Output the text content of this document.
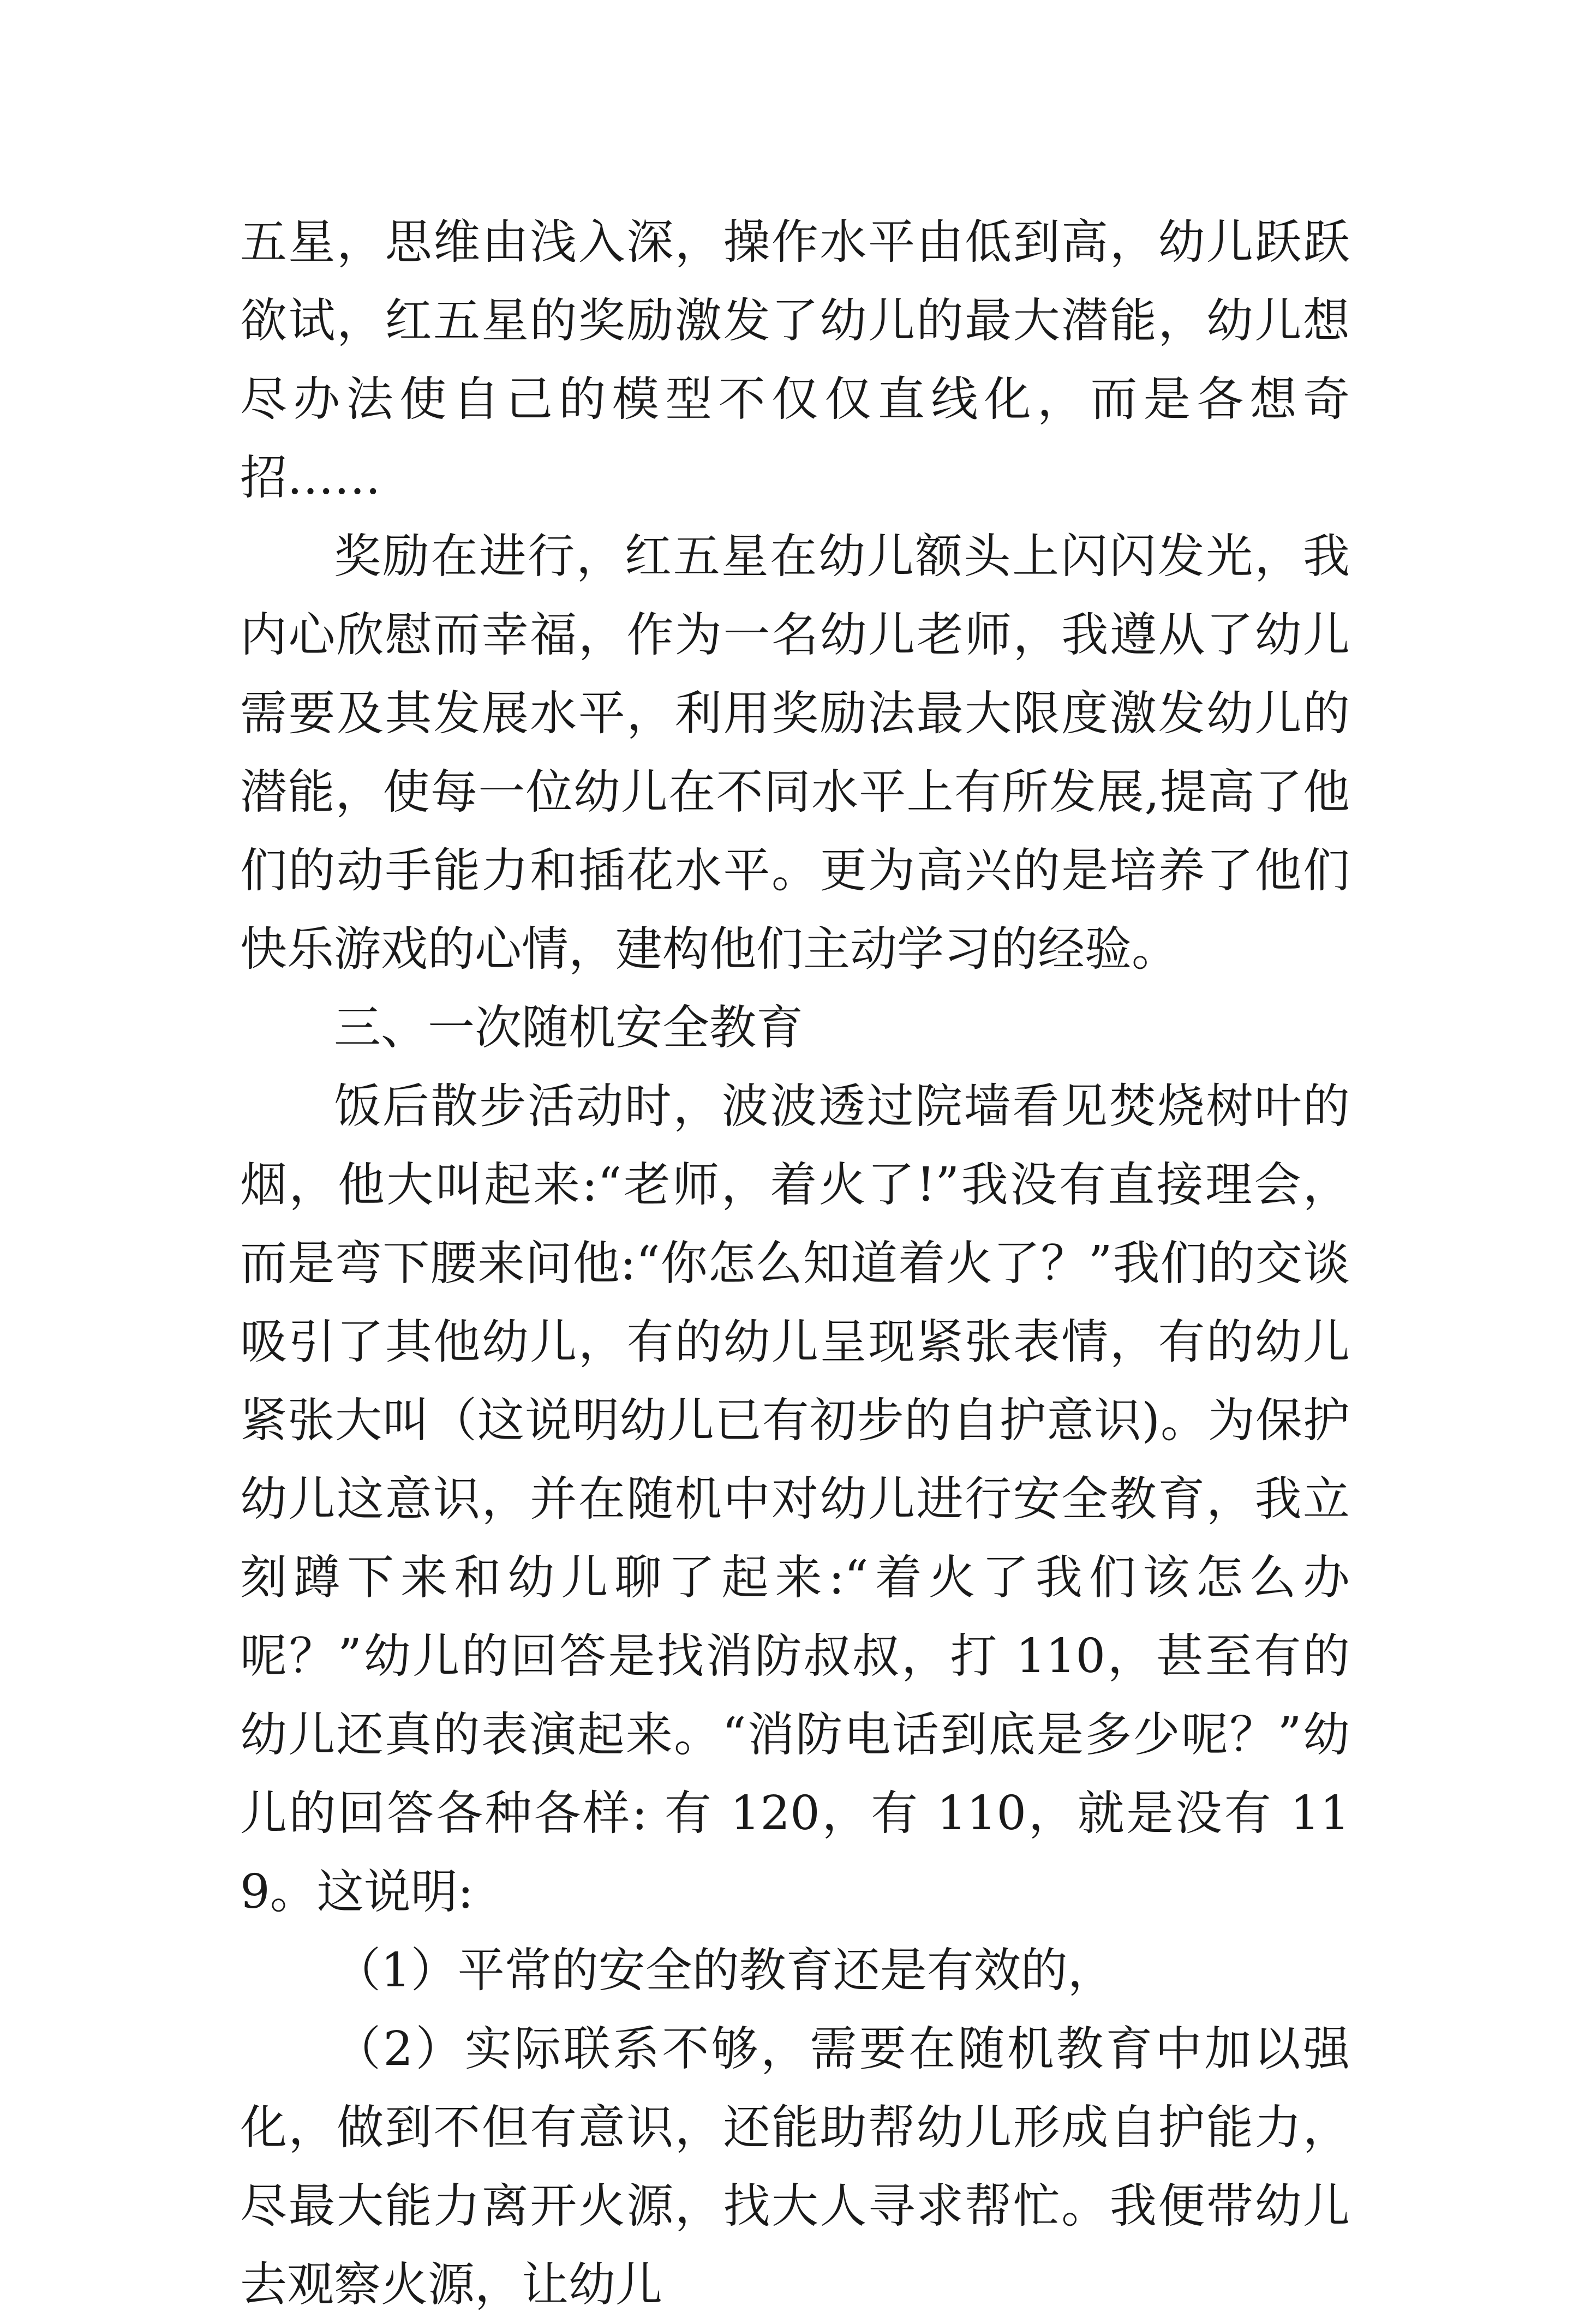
五星，思维由浅入深，操作水平由低到高，幼儿跃跃欲试，红五星的奖励激发了幼儿的最大潜能，幼儿想尽办法使自己的模型不仅仅直线化，而是各想奇招……

奖励在进行，红五星在幼儿额头上闪闪发光，我内心欣慰而幸福，作为一名幼儿老师，我遵从了幼儿需要及其发展水平，利用奖励法最大限度激发幼儿的潜能，使每一位幼儿在不同水平上有所发展,提高了他们的动手能力和插花水平。更为高兴的是培养了他们快乐游戏的心情，建构他们主动学习的经验。

三、一次随机安全教育

饭后散步活动时，波波透过院墙看见焚烧树叶的烟，他大叫起来:“老师，着火了!”我没有直接理会，而是弯下腰来问他:“你怎么知道着火了？”我们的交谈吸引了其他幼儿，有的幼儿呈现紧张表情，有的幼儿紧张大叫（这说明幼儿已有初步的自护意识)。为保护幼儿这意识，并在随机中对幼儿进行安全教育，我立刻蹲下来和幼儿聊了起来:“着火了我们该怎么办呢？”幼儿的回答是找消防叔叔，打 110，甚至有的幼儿还真的表演起来。“消防电话到底是多少呢？”幼儿的回答各种各样: 有 120，有 110，就是没有 119。这说明:

（1）平常的安全的教育还是有效的，

（2）实际联系不够，需要在随机教育中加以强化，做到不但有意识，还能助帮幼儿形成自护能力，尽最大能力离开火源，找大人寻求帮忙。我便带幼儿去观察火源，让幼儿
